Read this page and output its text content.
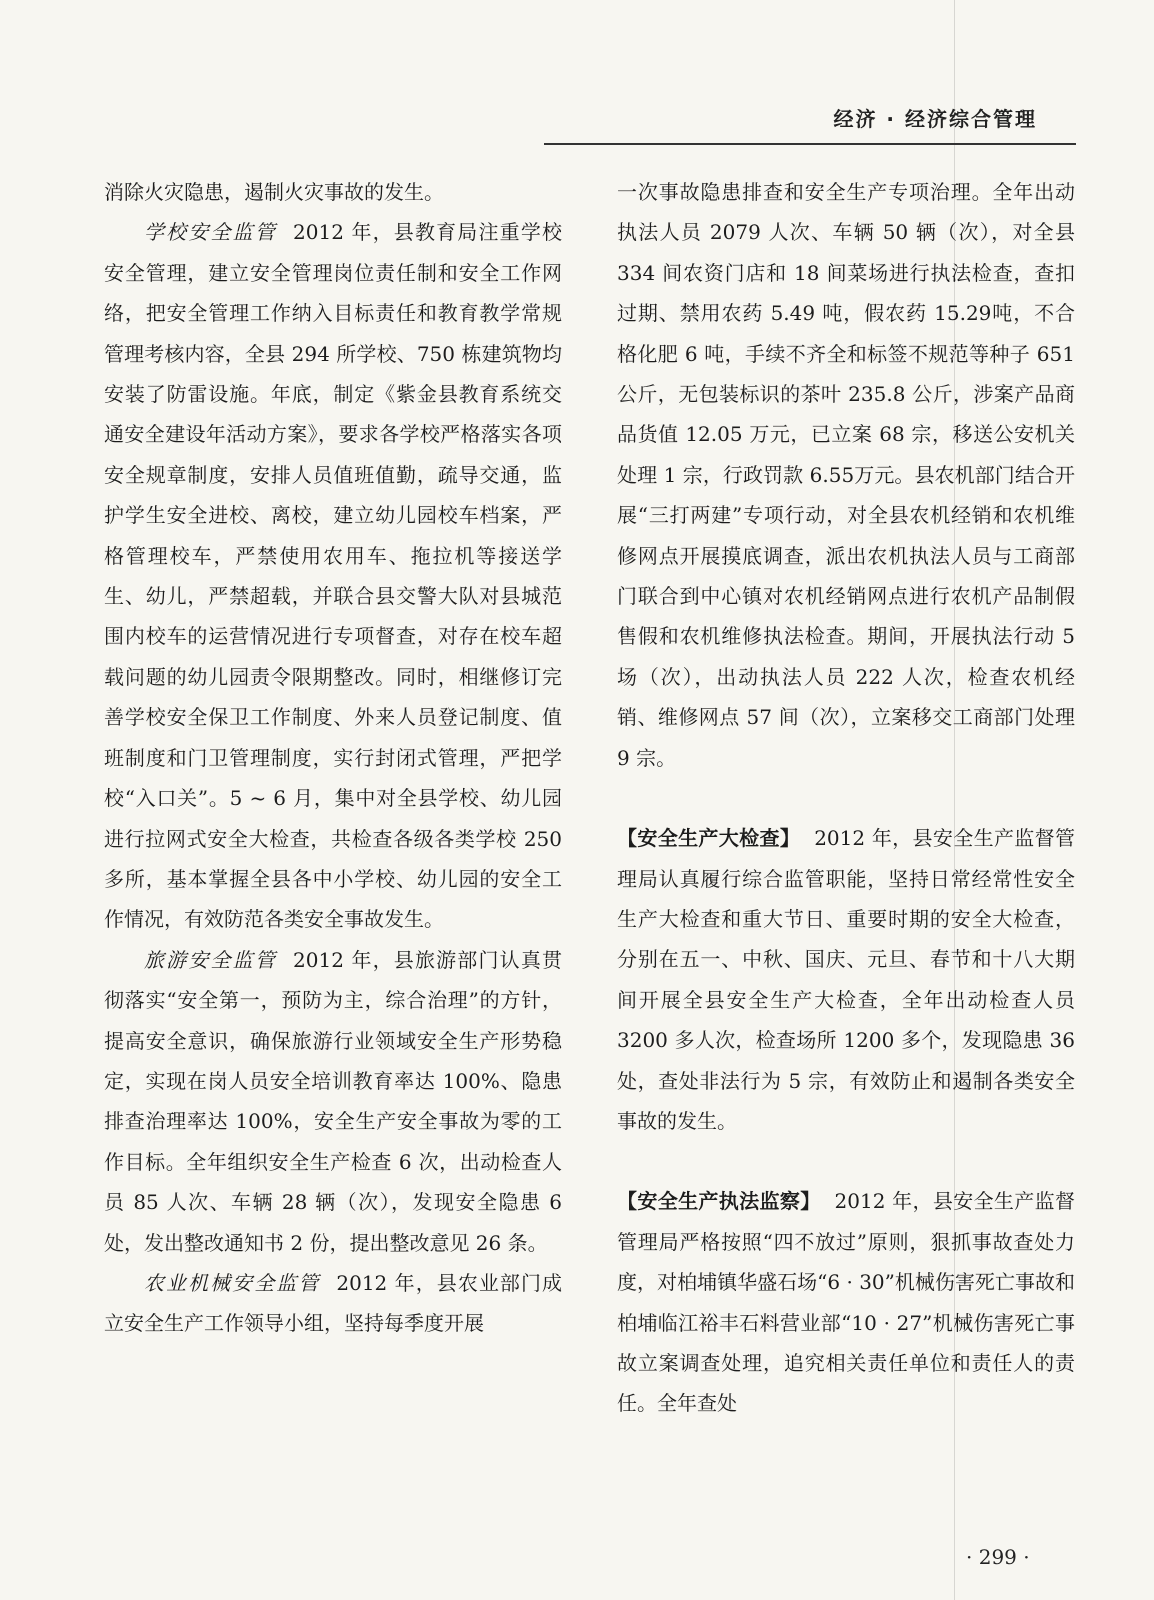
经济 · 经济综合管理

消除火灾隐患，遏制火灾事故的发生。

学校安全监管 2012 年，县教育局注重学校安全管理，建立安全管理岗位责任制和安全工作网络，把安全管理工作纳入目标责任和教育教学常规管理考核内容，全县 294 所学校、750 栋建筑物均安装了防雷设施。年底，制定《紫金县教育系统交通安全建设年活动方案》，要求各学校严格落实各项安全规章制度，安排人员值班值勤，疏导交通，监护学生安全进校、离校，建立幼儿园校车档案，严格管理校车，严禁使用农用车、拖拉机等接送学生、幼儿，严禁超载，并联合县交警大队对县城范围内校车的运营情况进行专项督查，对存在校车超载问题的幼儿园责令限期整改。同时，相继修订完善学校安全保卫工作制度、外来人员登记制度、值班制度和门卫管理制度，实行封闭式管理，严把学校“入口关”。5 ~ 6 月，集中对全县学校、幼儿园进行拉网式安全大检查，共检查各级各类学校 250 多所，基本掌握全县各中小学校、幼儿园的安全工作情况，有效防范各类安全事故发生。

旅游安全监管 2012 年，县旅游部门认真贯彻落实“安全第一，预防为主，综合治理”的方针，提高安全意识，确保旅游行业领域安全生产形势稳定，实现在岗人员安全培训教育率达 100%、隐患排查治理率达 100%，安全生产安全事故为零的工作目标。全年组织安全生产检查 6 次，出动检查人员 85 人次、车辆 28 辆（次），发现安全隐患 6 处，发出整改通知书 2 份，提出整改意见 26 条。

农业机械安全监管 2012 年，县农业部门成立安全生产工作领导小组，坚持每季度开展

一次事故隐患排查和安全生产专项治理。全年出动执法人员 2079 人次、车辆 50 辆（次），对全县 334 间农资门店和 18 间菜场进行执法检查，查扣过期、禁用农药 5.49 吨，假农药 15.29吨，不合格化肥 6 吨，手续不齐全和标签不规范等种子 651 公斤，无包装标识的茶叶 235.8 公斤，涉案产品商品货值 12.05 万元，已立案 68 宗，移送公安机关处理 1 宗，行政罚款 6.55万元。县农机部门结合开展“三打两建”专项行动，对全县农机经销和农机维修网点开展摸底调查，派出农机执法人员与工商部门联合到中心镇对农机经销网点进行农机产品制假售假和农机维修执法检查。期间，开展执法行动 5 场（次），出动执法人员 222 人次，检查农机经销、维修网点 57 间（次），立案移交工商部门处理 9 宗。

【安全生产大检查】 2012 年，县安全生产监督管理局认真履行综合监管职能，坚持日常经常性安全生产大检查和重大节日、重要时期的安全大检查，分别在五一、中秋、国庆、元旦、春节和十八大期间开展全县安全生产大检查，全年出动检查人员 3200 多人次，检查场所 1200 多个，发现隐患 36 处，查处非法行为 5 宗，有效防止和遏制各类安全事故的发生。

【安全生产执法监察】 2012 年，县安全生产监督管理局严格按照“四不放过”原则，狠抓事故查处力度，对柏埔镇华盛石场“6 · 30”机械伤害死亡事故和柏埔临江裕丰石料营业部“10 · 27”机械伤害死亡事故立案调查处理，追究相关责任单位和责任人的责任。全年查处

· 299 ·
